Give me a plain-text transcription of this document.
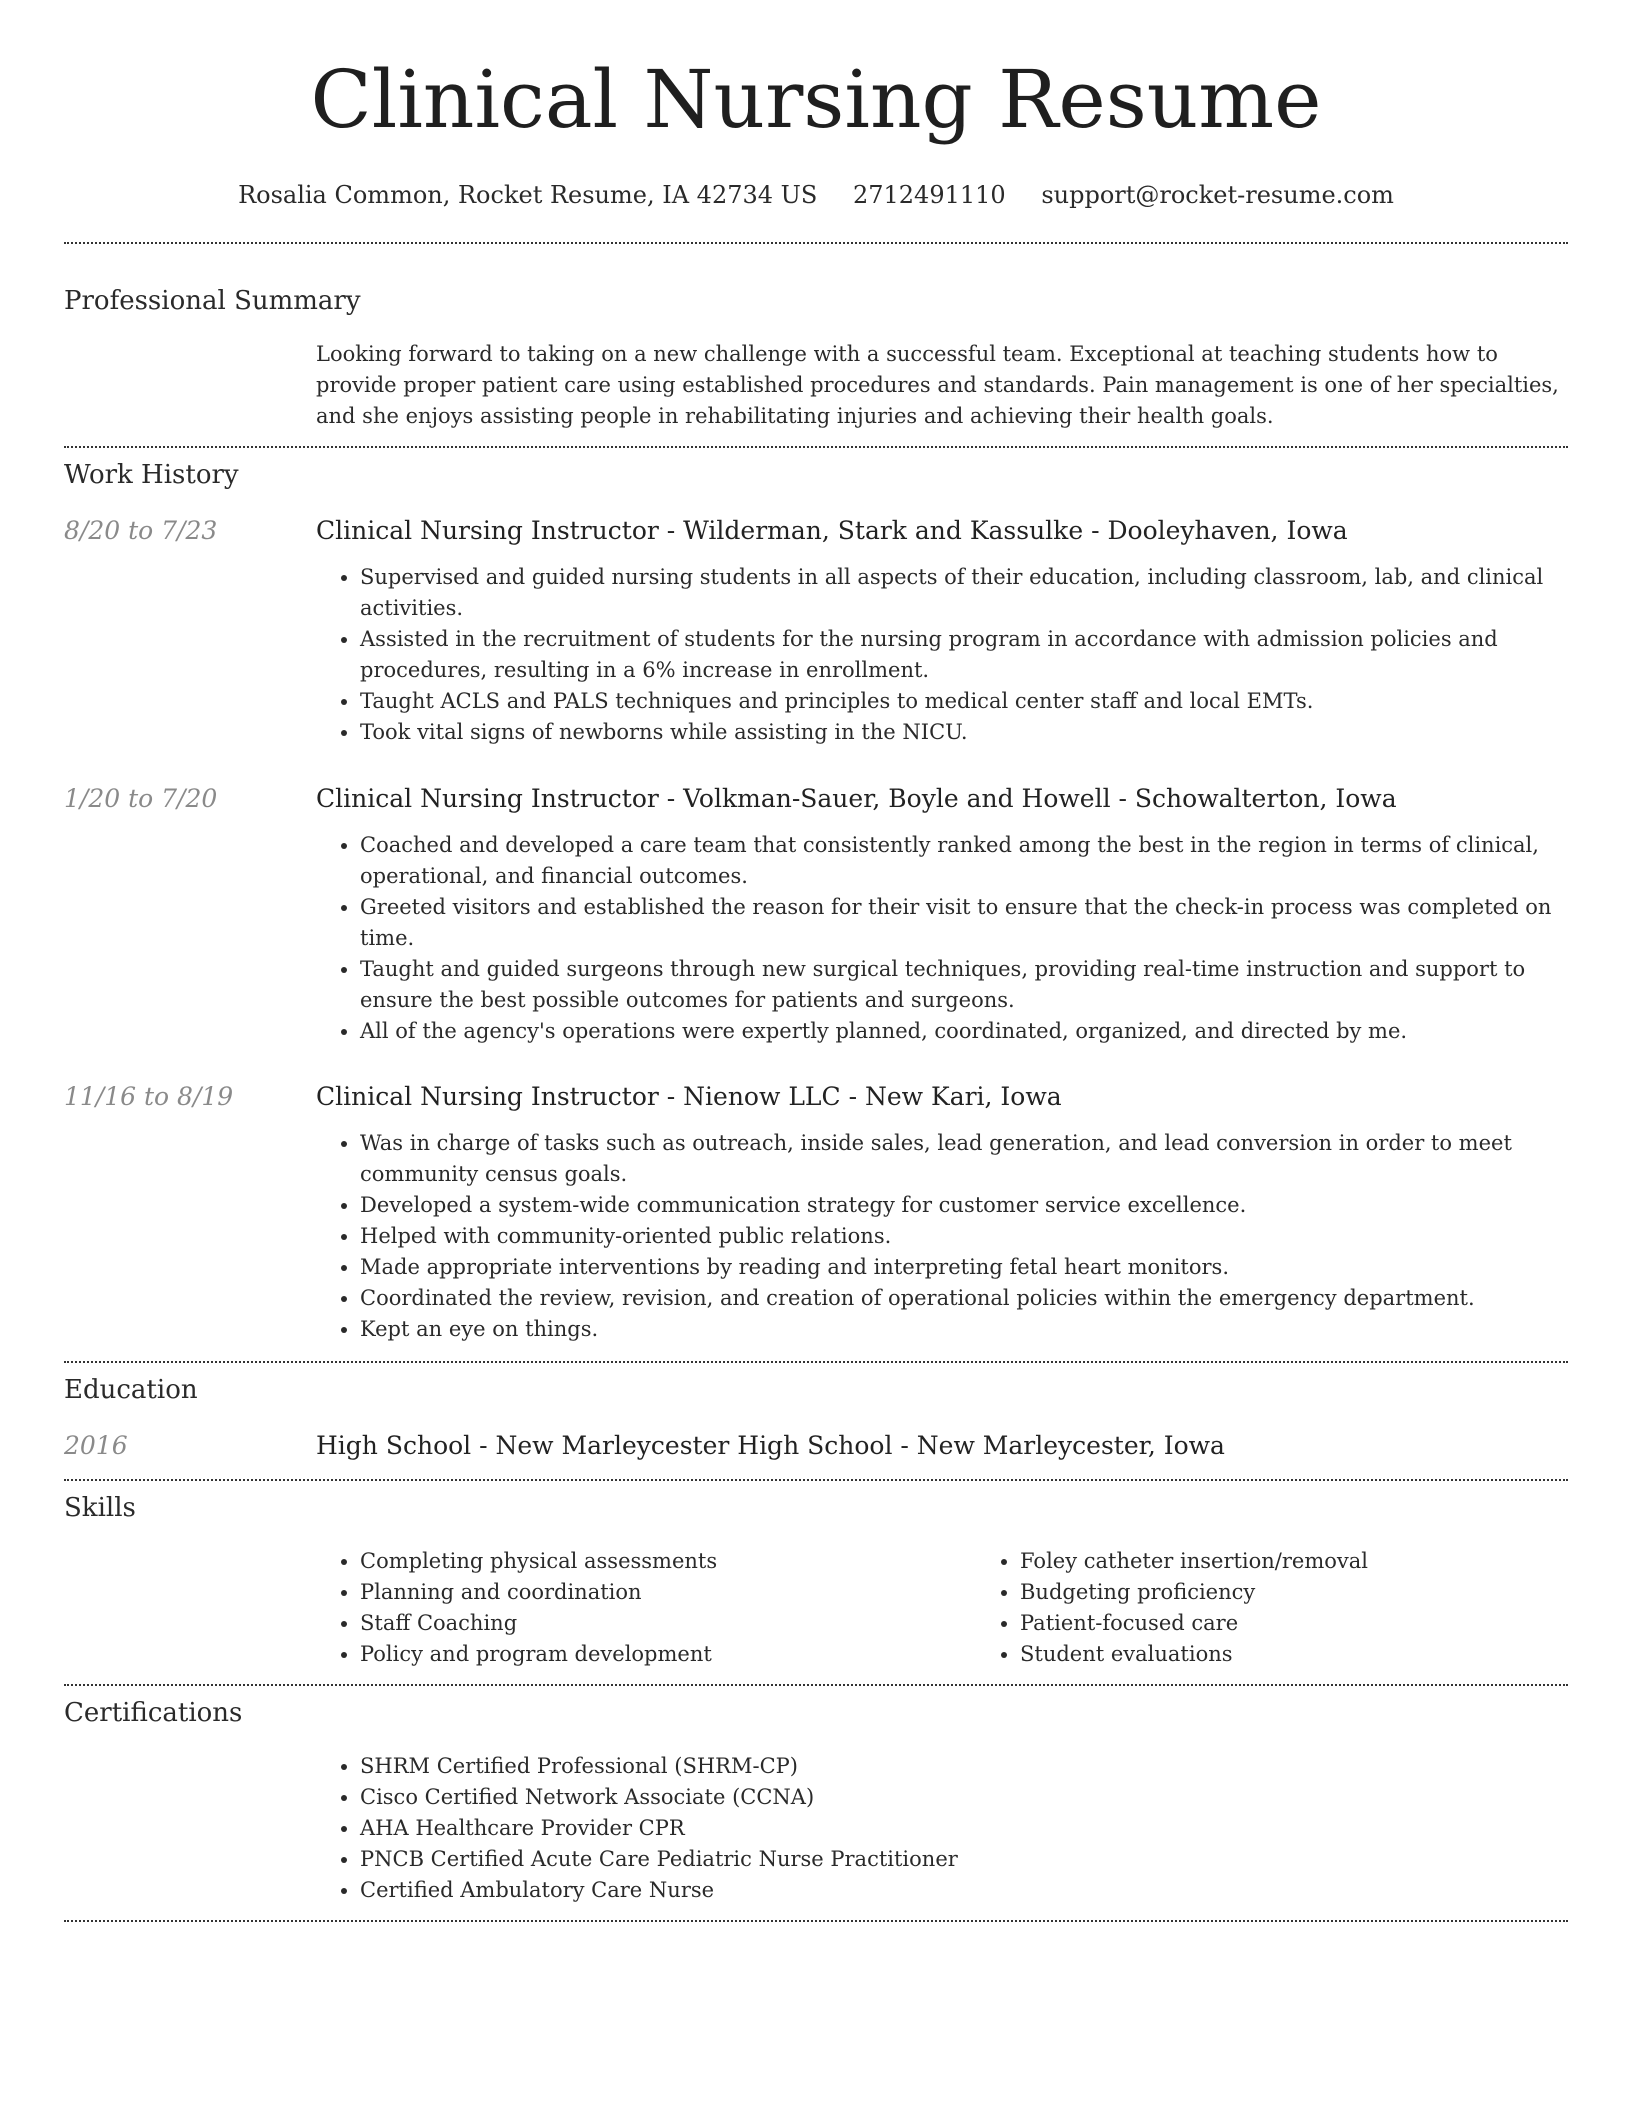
Clinical Nursing Resume
Rosalia Common, Rocket Resume, IA 42734 US 2712491110 support@rocket-resume.com
Professional Summary

Looking forward to taking on a new challenge with a successful team. Exceptional at teaching students how to provide proper patient care using established procedures and standards. Pain management is one of her specialties, and she enjoys assisting people in rehabilitating injuries and achieving their health goals.

Work History
8/20 to 7/23	Clinical Nursing Instructor - Wilderman, Stark and Kassulke - Dooleyhaven, Iowa
• Supervised and guided nursing students in all aspects of their education, including classroom, lab, and clinical activities.
• Assisted in the recruitment of students for the nursing program in accordance with admission policies and procedures, resulting in a 6% increase in enrollment.
• Taught ACLS and PALS techniques and principles to medical center staff and local EMTs.
• Took vital signs of newborns while assisting in the NICU.
1/20 to 7/20	Clinical Nursing Instructor - Volkman-Sauer, Boyle and Howell - Schowalterton, Iowa
• Coached and developed a care team that consistently ranked among the best in the region in terms of clinical, operational, and financial outcomes.
• Greeted visitors and established the reason for their visit to ensure that the check-in process was completed on time.
• Taught and guided surgeons through new surgical techniques, providing real-time instruction and support to ensure the best possible outcomes for patients and surgeons.
• All of the agency's operations were expertly planned, coordinated, organized, and directed by me.
11/16 to 8/19	Clinical Nursing Instructor - Nienow LLC - New Kari, Iowa
• Was in charge of tasks such as outreach, inside sales, lead generation, and lead conversion in order to meet community census goals.
• Developed a system-wide communication strategy for customer service excellence.
• Helped with community-oriented public relations.
• Made appropriate interventions by reading and interpreting fetal heart monitors.
• Coordinated the review, revision, and creation of operational policies within the emergency department.
• Kept an eye on things.
Education
2016	High School - New Marleycester High School - New Marleycester, Iowa
Skills
• Completing physical assessments
• Planning and coordination
• Staff Coaching
• Policy and program development
• Foley catheter insertion/removal
• Budgeting proficiency
• Patient-focused care
• Student evaluations
Certifications
• SHRM Certified Professional (SHRM-CP)
• Cisco Certified Network Associate (CCNA)
• AHA Healthcare Provider CPR
• PNCB Certified Acute Care Pediatric Nurse Practitioner
• Certified Ambulatory Care Nurse
